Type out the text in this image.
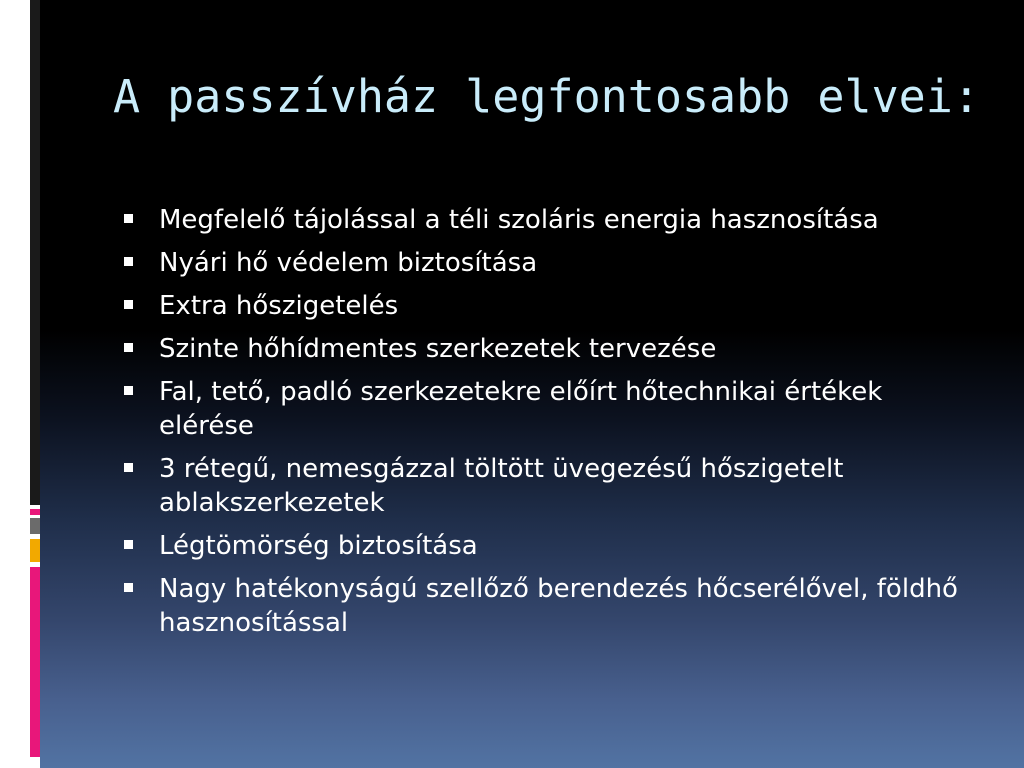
A passzívház legfontosabb elvei:
Megfelelő tájolással a téli szoláris energia hasznosítása
Nyári hő védelem biztosítása
Extra hőszigetelés
Szinte hőhídmentes szerkezetek tervezése
Fal, tető, padló szerkezetekre előírt hőtechnikai értékek elérése
3 rétegű, nemesgázzal töltött üvegezésű hőszigetelt ablakszerkezetek
Légtömörség biztosítása
Nagy hatékonyságú szellőző berendezés hőcserélővel, földhő hasznosítással
